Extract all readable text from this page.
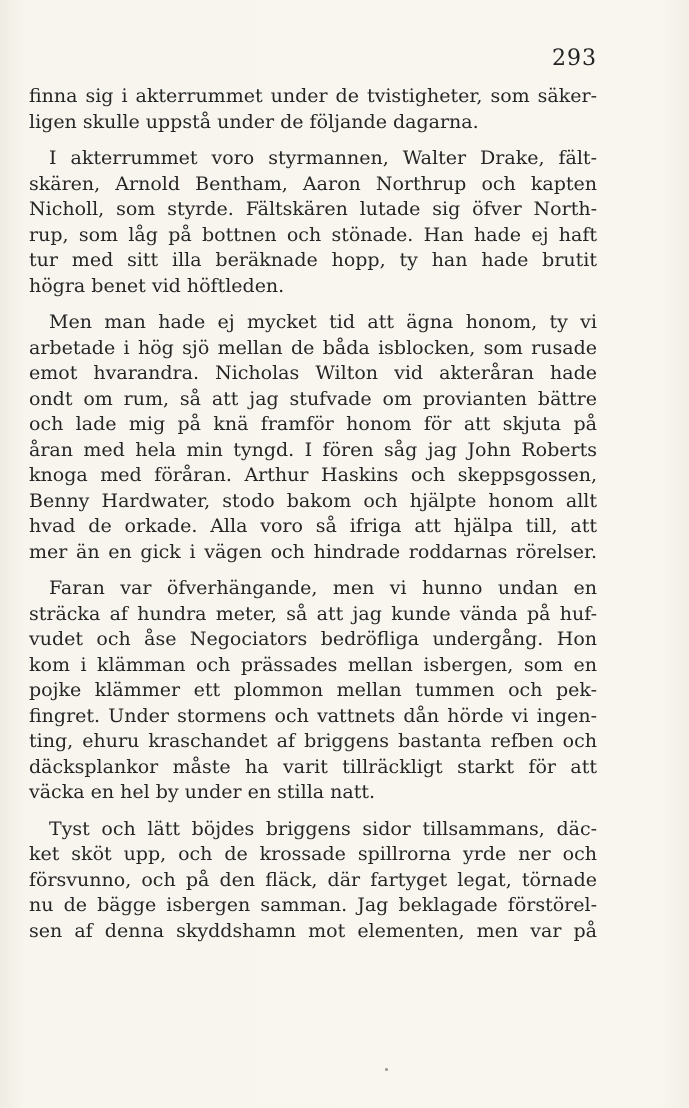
293
finna sig i akterrummet under de tvistigheter, som säker-
ligen skulle uppstå under de följande dagarna.
I akterrummet voro styrmannen, Walter Drake, fält-
skären, Arnold Bentham, Aaron Northrup och kapten
Nicholl, som styrde. Fältskären lutade sig öfver North-
rup, som låg på bottnen och stönade. Han hade ej haft
tur med sitt illa beräknade hopp, ty han hade brutit
högra benet vid höftleden.
Men man hade ej mycket tid att ägna honom, ty vi
arbetade i hög sjö mellan de båda isblocken, som rusade
emot hvarandra. Nicholas Wilton vid akteråran hade
ondt om rum, så att jag stufvade om provianten bättre
och lade mig på knä framför honom för att skjuta på
åran med hela min tyngd. I fören såg jag John Roberts
knoga med föråran. Arthur Haskins och skeppsgossen,
Benny Hardwater, stodo bakom och hjälpte honom allt
hvad de orkade. Alla voro så ifriga att hjälpa till, att
mer än en gick i vägen och hindrade roddarnas rörelser.
Faran var öfverhängande, men vi hunno undan en
sträcka af hundra meter, så att jag kunde vända på huf-
vudet och åse Negociators bedröfliga undergång. Hon
kom i klämman och prässades mellan isbergen, som en
pojke klämmer ett plommon mellan tummen och pek-
fingret. Under stormens och vattnets dån hörde vi ingen-
ting, ehuru kraschandet af briggens bastanta refben och
däcksplankor måste ha varit tillräckligt starkt för att
väcka en hel by under en stilla natt.
Tyst och lätt böjdes briggens sidor tillsammans, däc-
ket sköt upp, och de krossade spillrorna yrde ner och
försvunno, och på den fläck, där fartyget legat, törnade
nu de bägge isbergen samman. Jag beklagade förstörel-
sen af denna skyddshamn mot elementen, men var på
